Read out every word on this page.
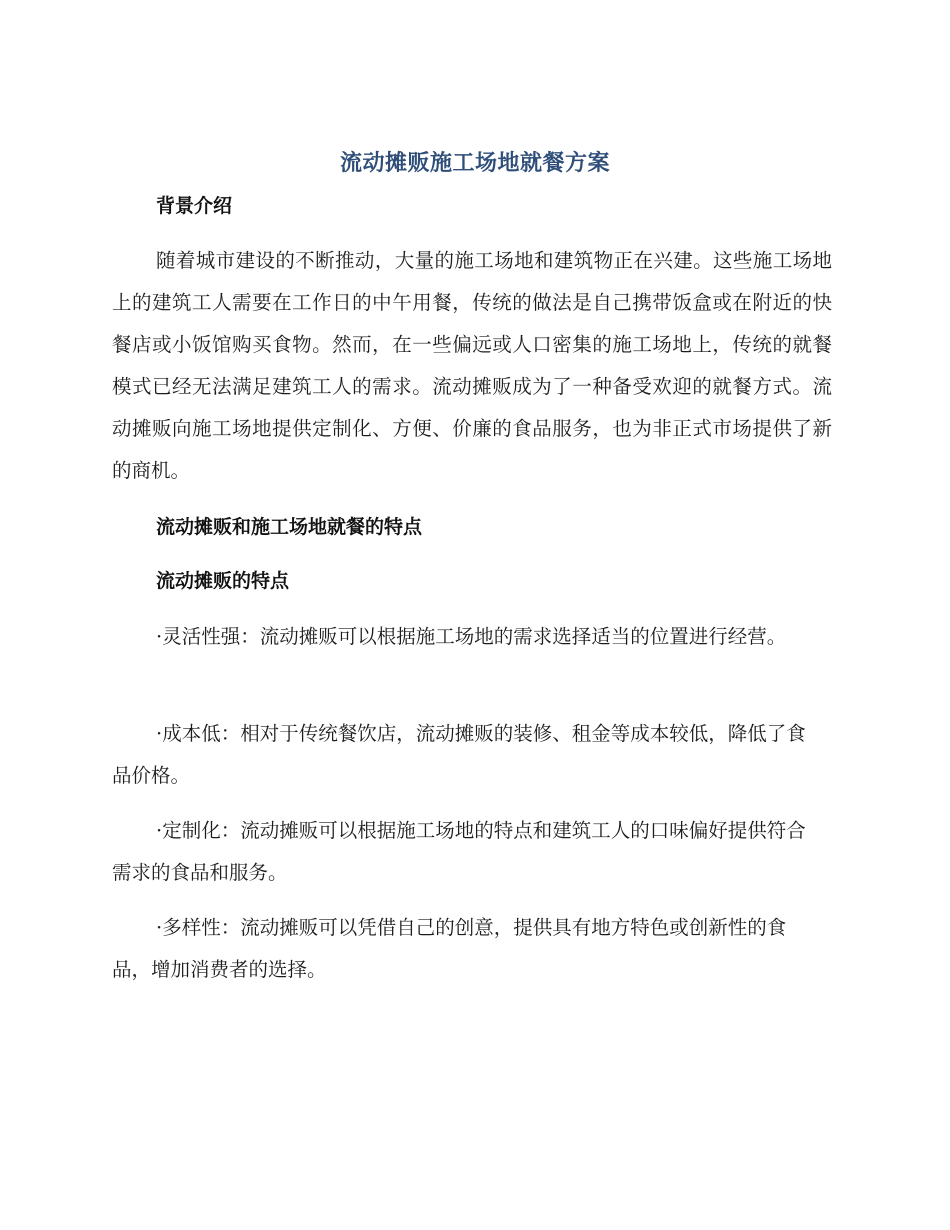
流动摊贩施工场地就餐方案
背景介绍

随着城市建设的不断推动，大量的施工场地和建筑物正在兴建。这些施工场地上的建筑工人需要在工作日的中午用餐，传统的做法是自己携带饭盒或在附近的快餐店或小饭馆购买食物。然而，在一些偏远或人口密集的施工场地上，传统的就餐模式已经无法满足建筑工人的需求。流动摊贩成为了一种备受欢迎的就餐方式。流动摊贩向施工场地提供定制化、方便、价廉的食品服务，也为非正式市场提供了新的商机。

流动摊贩和施工场地就餐的特点
流动摊贩的特点

·灵活性强：流动摊贩可以根据施工场地的需求选择适当的位置进行经营。

·成本低：相对于传统餐饮店，流动摊贩的装修、租金等成本较低，降低了食品价格。

·定制化：流动摊贩可以根据施工场地的特点和建筑工人的口味偏好提供符合需求的食品和服务。

·多样性：流动摊贩可以凭借自己的创意，提供具有地方特色或创新性的食品，增加消费者的选择。
